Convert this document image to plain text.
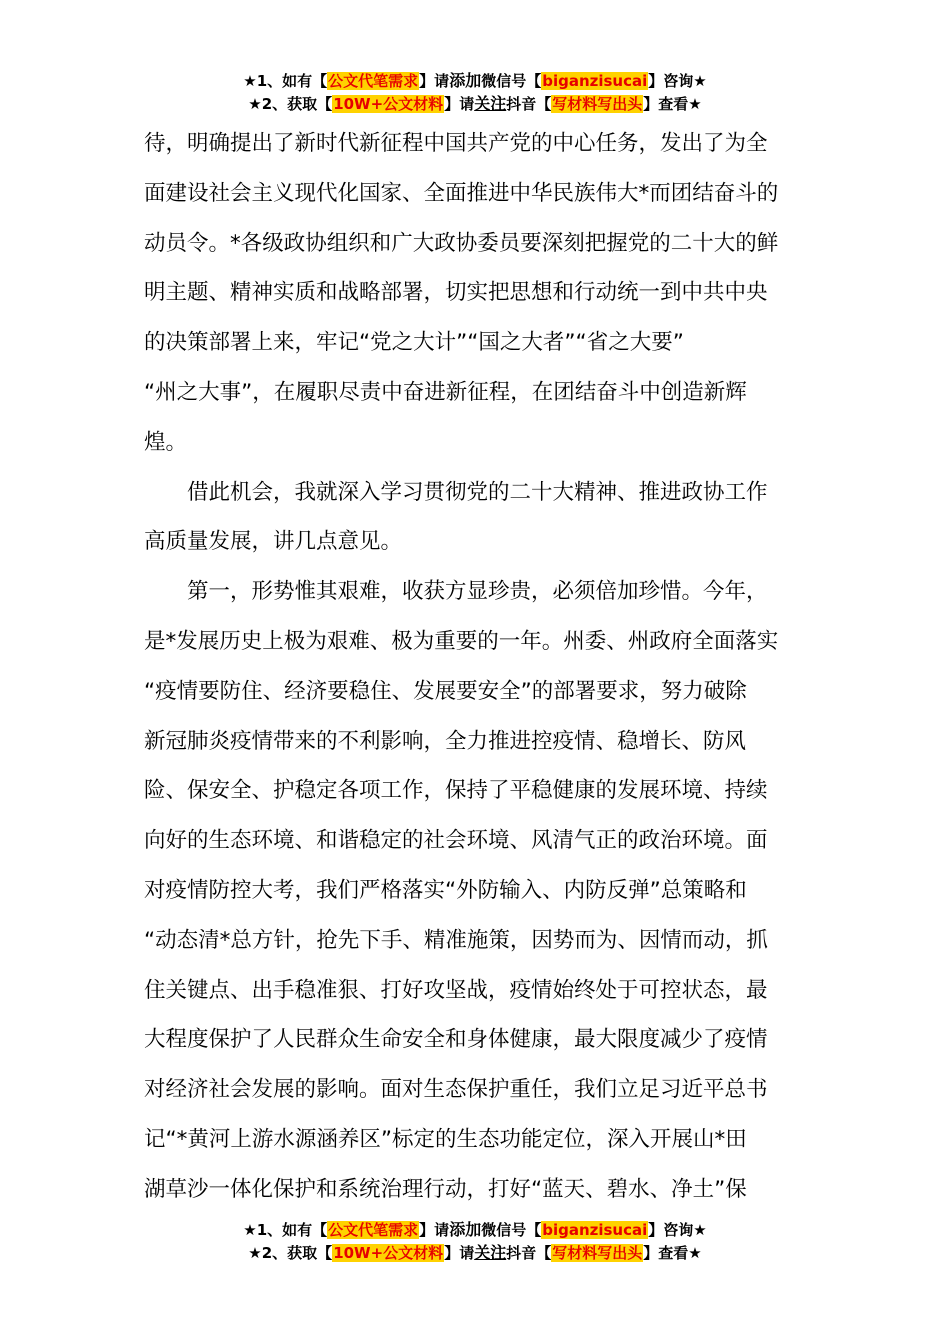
★1、如有【公文代笔需求】请添加微信号【biganzisucai】咨询★
★2、获取【10W+公文材料】请关注抖音【写材料写出头】查看★
待，明确提出了新时代新征程中国共产党的中心任务，发出了为全
面建设社会主义现代化国家、全面推进中华民族伟大*而团结奋斗的
动员令。*各级政协组织和广大政协委员要深刻把握党的二十大的鲜
明主题、精神实质和战略部署，切实把思想和行动统一到中共中央
的决策部署上来，牢记“党之大计”“国之大者”“省之大要”
“州之大事”，在履职尽责中奋进新征程，在团结奋斗中创造新辉
煌。
借此机会，我就深入学习贯彻党的二十大精神、推进政协工作
高质量发展，讲几点意见。
第一，形势惟其艰难，收获方显珍贵，必须倍加珍惜。今年，
是*发展历史上极为艰难、极为重要的一年。州委、州政府全面落实
“疫情要防住、经济要稳住、发展要安全”的部署要求，努力破除
新冠肺炎疫情带来的不利影响，全力推进控疫情、稳增长、防风
险、保安全、护稳定各项工作，保持了平稳健康的发展环境、持续
向好的生态环境、和谐稳定的社会环境、风清气正的政治环境。面
对疫情防控大考，我们严格落实“外防输入、内防反弹”总策略和
“动态清*总方针，抢先下手、精准施策，因势而为、因情而动，抓
住关键点、出手稳准狠、打好攻坚战，疫情始终处于可控状态，最
大程度保护了人民群众生命安全和身体健康，最大限度减少了疫情
对经济社会发展的影响。面对生态保护重任，我们立足习近平总书
记“*黄河上游水源涵养区”标定的生态功能定位，深入开展山*田
湖草沙一体化保护和系统治理行动，打好“蓝天、碧水、净土”保
★1、如有【公文代笔需求】请添加微信号【biganzisucai】咨询★
★2、获取【10W+公文材料】请关注抖音【写材料写出头】查看★
